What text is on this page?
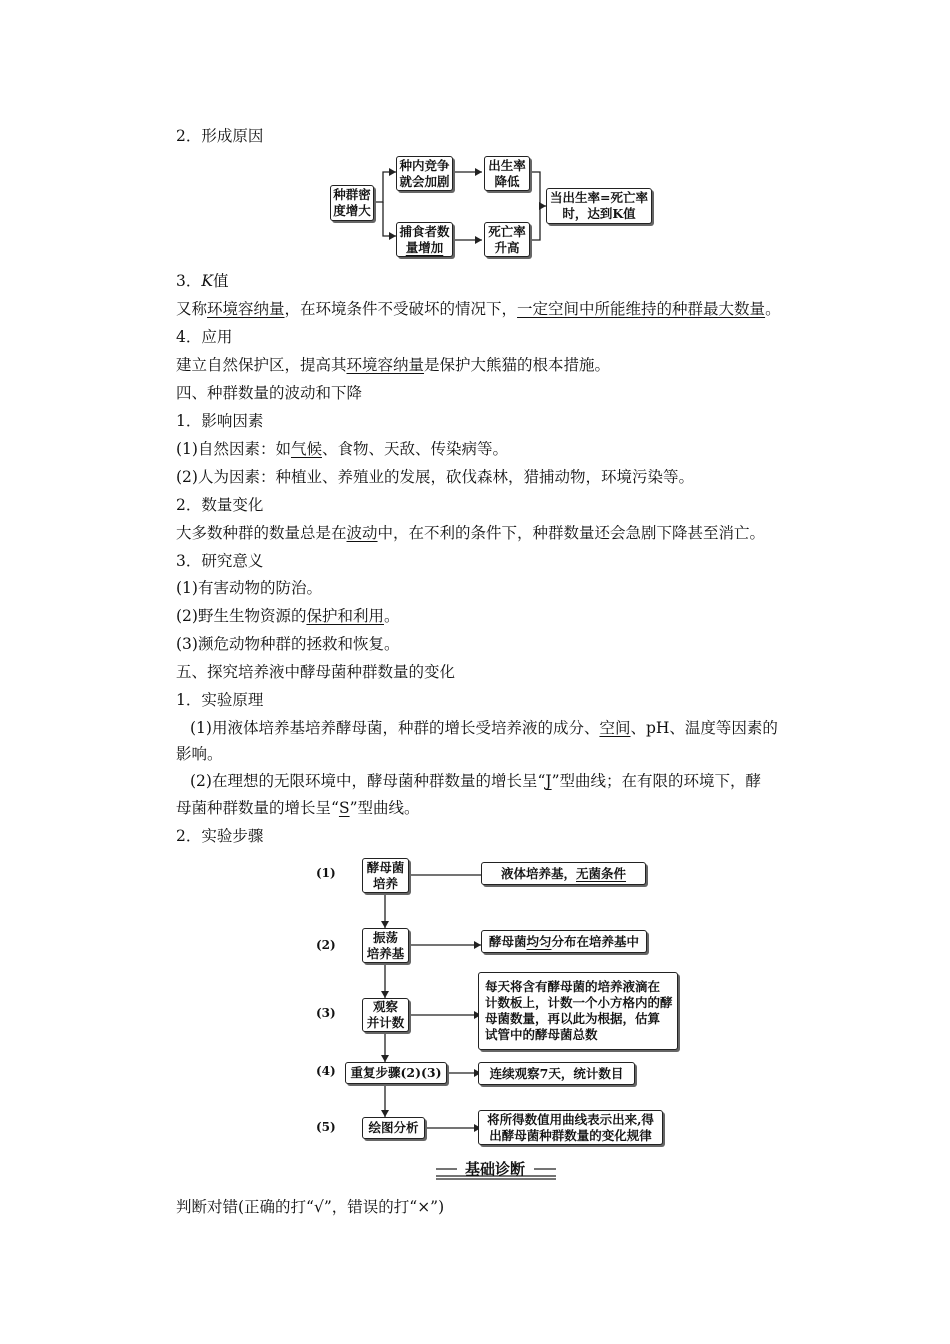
2．形成原因
种群密
度增大
种内竞争
就会加剧
捕食者数
量增加
出生率
降低
死亡率
升高
当出生率=死亡率
时，达到K值
3．K值
又称环境容纳量，在环境条件不受破坏的情况下，一定空间中所能维持的种群最大数量。
4．应用
建立自然保护区，提高其环境容纳量是保护大熊猫的根本措施。
四、种群数量的波动和下降
1．影响因素
(1)自然因素：如气候、食物、天敌、传染病等。
(2)人为因素：种植业、养殖业的发展，砍伐森林，猎捕动物，环境污染等。
2．数量变化
大多数种群的数量总是在波动中，在不利的条件下，种群数量还会急剧下降甚至消亡。
3．研究意义
(1)有害动物的防治。
(2)野生生物资源的保护和利用。
(3)濒危动物种群的拯救和恢复。
五、探究培养液中酵母菌种群数量的变化
1．实验原理
(1)用液体培养基培养酵母菌，种群的增长受培养液的成分、空间、pH、温度等因素的
影响。
(2)在理想的无限环境中，酵母菌种群数量的增长呈“J”型曲线；在有限的环境下，酵
母菌种群数量的增长呈“S”型曲线。
2．实验步骤
(1)
(2)
(3)
(4)
(5)
酵母菌
培养
振荡
培养基
观察
并计数
重复步骤(2)(3)
绘图分析
液体培养基， 无菌条件
酵母菌 均匀 分布在培养基中
每天将含有酵母菌的培养液滴在
计数板上，计数一个小方格内的酵
母菌数量，再以此为根据，估算
试管中的酵母菌总数
连续观察7天，统计数目
将所得数值用曲线表示出来,得
出酵母菌种群数量的变化规律
基础诊断
判断对错(正确的打“√”，错误的打“×”)
